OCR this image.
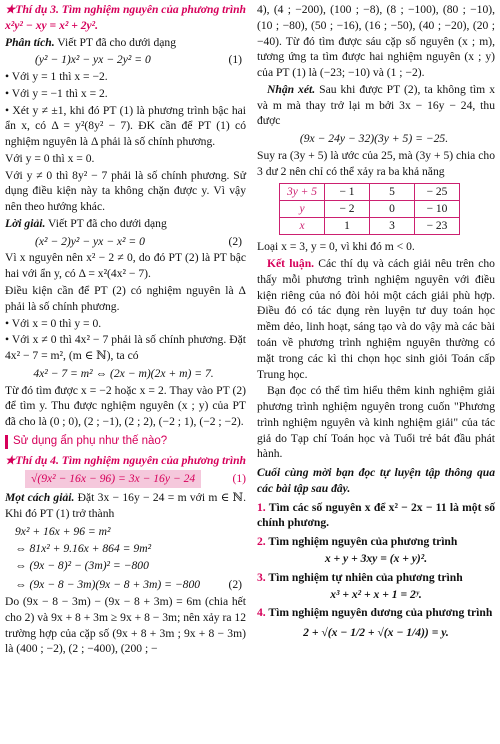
★Thí dụ 3. Tìm nghiệm nguyên của phương trình x²y² − xy = x² + 2y².

Phân tích. Viết PT đã cho dưới dạng

(y² − 1)x² − yx − 2y² = 0	(1)

• Với y = 1 thì x = −2.

• Với y = −1 thì x = 2.

• Xét y ≠ ±1, khi đó PT (1) là phương trình bậc hai ẩn x, có Δ = y²(8y² − 7). ĐK cần để PT (1) có nghiệm nguyên là Δ phải là số chính phương.

Với y = 0 thì x = 0.

Với y ≠ 0 thì 8y² − 7 phải là số chính phương. Sử dụng điều kiện này ta không chặn được y. Vì vậy nên theo hướng khác.

Lời giải. Viết PT đã cho dưới dạng

(x² − 2)y² − yx − x² = 0	(2)

Vì x nguyên nên x² − 2 ≠ 0, do đó PT (2) là PT bậc hai với ẩn y, có Δ = x²(4x² − 7).

Điều kiện cần để PT (2) có nghiệm nguyên là Δ phải là số chính phương.

• Với x = 0 thì y = 0.

• Với x ≠ 0 thì 4x² − 7 phải là số chính phương. Đặt 4x² − 7 = m², (m ∈ ℕ), ta có

4x² − 7 = m² ⇔ (2x − m)(2x + m) = 7.

Từ đó tìm được x = −2 hoặc x = 2. Thay vào PT (2) để tìm y. Thu được nghiệm nguyên (x ; y) của PT đã cho là (0 ; 0), (2 ; −1), (2 ; 2), (−2 ; 1), (−2 ; −2).

Sử dụng ẩn phụ như thế nào?

★Thí dụ 4. Tìm nghiệm nguyên của phương trình

√(9x² − 16x − 96) = 3x − 16y − 24	(1)

Mọt cách giải. Đặt 3x − 16y − 24 = m với m ∈ ℕ. Khi đó PT (1) trở thành

9x² + 16x + 96 = m²
⇔ 81x² + 9.16x + 864 = 9m²
⇔ (9x − 8)² − (3m)² = −800
⇔ (9x − 8 − 3m)(9x − 8 + 3m) = −800 (2)

Do (9x − 8 − 3m) − (9x − 8 + 3m) = 6m (chia hết cho 2) và 9x + 8 + 3m ≥ 9x + 8 − 3m; nên xảy ra 12 trường hợp của cặp số (9x + 8 + 3m ; 9x + 8 − 3m) là (400 ; −2), (2 ; −400), (200 ; −

4), (4 ; −200), (100 ; −8), (8 ; −100), (80 ; −10), (10 ; −80), (50 ; −16), (16 ; −50), (40 ; −20), (20 ; −40). Từ đó tìm được sáu cặp số nguyên (x ; m), tương ứng ta tìm được hai nghiệm nguyên (x ; y) của PT (1) là (−23; −10) và (1 ; −2).

Nhận xét. Sau khi được PT (2), ta không tìm x và m mà thay trở lại m bởi 3x − 16y − 24, thu được

(9x − 24y − 32)(3y + 5) = −25.

Suy ra (3y + 5) là ước của 25, mà (3y + 5) chia cho 3 dư 2 nên chỉ có thể xảy ra ba khả năng

3y + 5	− 1	5	− 25
y	− 2	0	− 10
x	1	3	− 23

Loại x = 3, y = 0, vì khi đó m < 0.

Kết luận. Các thí dụ và cách giải nêu trên cho thấy mỗi phương trình nghiệm nguyên với điều kiện riêng của nó đòi hỏi một cách giải phù hợp. Điều đó có tác dụng rèn luyện tư duy toán học mềm dẻo, linh hoạt, sáng tạo và do vậy mà các bài toán về phương trình nghiệm nguyên thường có mặt trong các kì thi chọn học sinh giỏi Toán cấp Trung học.

Bạn đọc có thể tìm hiểu thêm kinh nghiệm giải phương trình nghiệm nguyên trong cuốn "Phương trình nghiệm nguyên và kinh nghiệm giải" của tác giả do Tạp chí Toán học và Tuổi trẻ bát đầu phát hành.

Cuối cùng mời bạn đọc tự luyện tập thông qua các bài tập sau đây.

1. Tìm các số nguyên x để x² − 2x − 11 là một số chính phương.

2. Tìm nghiệm nguyên của phương trình

x + y + 3xy = (x + y)².

3. Tìm nghiệm tự nhiên của phương trình

x³ + x² + x + 1 = 2ʸ.

4. Tìm nghiệm nguyên dương của phương trình

2 + √(x − 1/2 + √(x − 1/4)) = y.
